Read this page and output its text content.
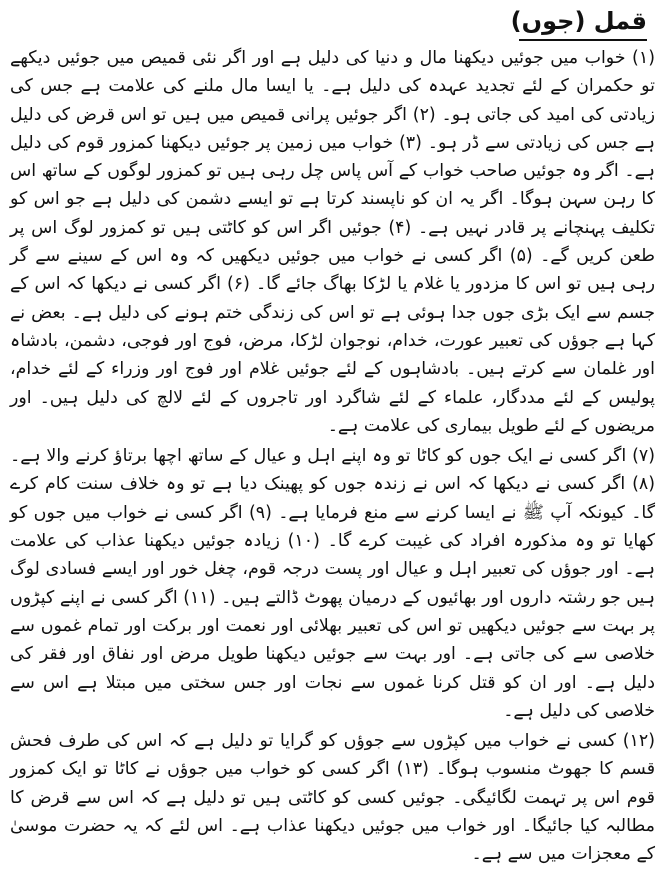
قمل (جوں)

(۱) خواب میں جوئیں دیکھنا مال و دنیا کی دلیل ہے اور اگر نئی قمیص میں جوئیں دیکھے تو حکمران کے لئے تجدید عہدہ کی دلیل ہے۔ یا ایسا مال ملنے کی علامت ہے جس کی زیادتی کی امید کی جاتی ہو۔ (۲) اگر جوئیں پرانی قمیص میں ہیں تو اس قرض کی دلیل ہے جس کی زیادتی سے ڈر ہو۔ (۳) خواب میں زمین پر جوئیں دیکھنا کمزور قوم کی دلیل ہے۔ اگر وہ جوئیں صاحب خواب کے آس پاس چل رہی ہیں تو کمزور لوگوں کے ساتھ اس کا رہن سہن ہوگا۔ اگر یہ ان کو ناپسند کرتا ہے تو ایسے دشمن کی دلیل ہے جو اس کو تکلیف پہنچانے پر قادر نہیں ہے۔ (۴) جوئیں اگر اس کو کاٹتی ہیں تو کمزور لوگ اس پر طعن کریں گے۔ (۵) اگر کسی نے خواب میں جوئیں دیکھیں کہ وہ اس کے سینے سے گر رہی ہیں تو اس کا مزدور یا غلام یا لڑکا بھاگ جائے گا۔ (۶) اگر کسی نے دیکھا کہ اس کے جسم سے ایک بڑی جوں جدا ہوئی ہے تو اس کی زندگی ختم ہونے کی دلیل ہے۔ بعض نے کہا ہے جوؤں کی تعبیر عورت، خدام، نوجوان لڑکا، مرض، فوج اور فوجی، دشمن، بادشاہ اور غلمان سے کرتے ہیں۔ بادشاہوں کے لئے جوئیں غلام اور فوج اور وزراء کے لئے خدام، پولیس کے لئے مددگار، علماء کے لئے شاگرد اور تاجروں کے لئے لالچ کی دلیل ہیں۔ اور مریضوں کے لئے طویل بیماری کی علامت ہے۔

(۷) اگر کسی نے ایک جوں کو کاٹا تو وہ اپنے اہل و عیال کے ساتھ اچھا برتاؤ کرنے والا ہے۔ (۸) اگر کسی نے دیکھا کہ اس نے زندہ جوں کو پھینک دیا ہے تو وہ خلاف سنت کام کرے گا۔ کیونکہ آپ ﷺ نے ایسا کرنے سے منع فرمایا ہے۔ (۹) اگر کسی نے خواب میں جوں کو کھایا تو وہ مذکورہ افراد کی غیبت کرے گا۔ (۱۰) زیادہ جوئیں دیکھنا عذاب کی علامت ہے۔ اور جوؤں کی تعبیر اہل و عیال اور پست درجہ قوم، چغل خور اور ایسے فسادی لوگ ہیں جو رشتہ داروں اور بھائیوں کے درمیان پھوٹ ڈالتے ہیں۔ (۱۱) اگر کسی نے اپنے کپڑوں پر بہت سے جوئیں دیکھیں تو اس کی تعبیر بھلائی اور نعمت اور برکت اور تمام غموں سے خلاصی سے کی جاتی ہے۔ اور بہت سے جوئیں دیکھنا طویل مرض اور نفاق اور فقر کی دلیل ہے۔ اور ان کو قتل کرنا غموں سے نجات اور جس سختی میں مبتلا ہے اس سے خلاصی کی دلیل ہے۔

(۱۲) کسی نے خواب میں کپڑوں سے جوؤں کو گرایا تو دلیل ہے کہ اس کی طرف فحش قسم کا جھوٹ منسوب ہوگا۔ (۱۳) اگر کسی کو خواب میں جوؤں نے کاٹا تو ایک کمزور قوم اس پر تہمت لگائیگی۔ جوئیں کسی کو کاٹتی ہیں تو دلیل ہے کہ اس سے قرض کا مطالبہ کیا جائیگا۔ اور خواب میں جوئیں دیکھنا عذاب ہے۔ اس لئے کہ یہ حضرت موسیٰ کے معجزات میں سے ہے۔
